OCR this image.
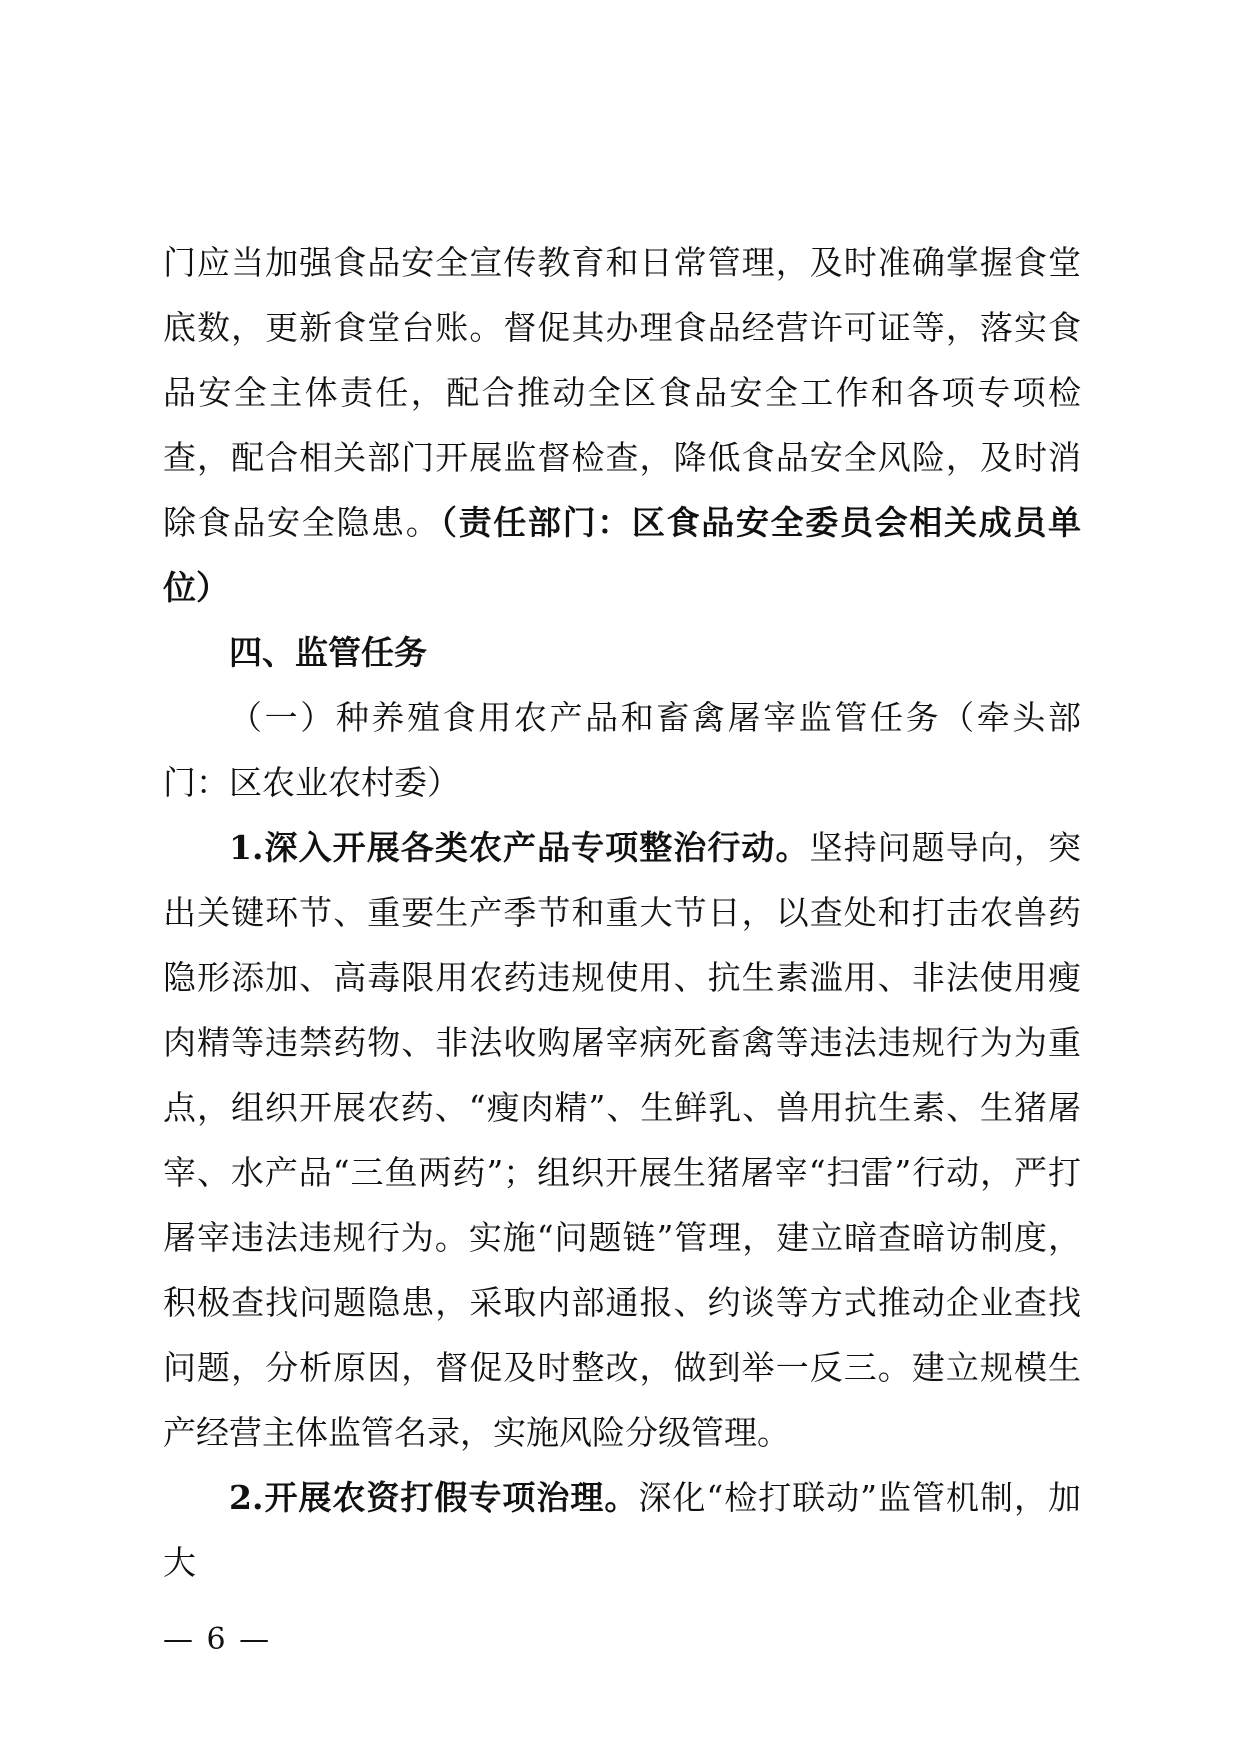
门应当加强食品安全宣传教育和日常管理，及时准确掌握食堂底数，更新食堂台账。督促其办理食品经营许可证等，落实食品安全主体责任，配合推动全区食品安全工作和各项专项检查，配合相关部门开展监督检查，降低食品安全风险，及时消除食品安全隐患。（责任部门：区食品安全委员会相关成员单位）

四、监管任务

（一）种养殖食用农产品和畜禽屠宰监管任务（牵头部门：区农业农村委）

1.深入开展各类农产品专项整治行动。坚持问题导向，突出关键环节、重要生产季节和重大节日，以查处和打击农兽药隐形添加、高毒限用农药违规使用、抗生素滥用、非法使用瘦肉精等违禁药物、非法收购屠宰病死畜禽等违法违规行为为重点，组织开展农药、“瘦肉精”、生鲜乳、兽用抗生素、生猪屠宰、水产品“三鱼两药”；组织开展生猪屠宰“扫雷”行动，严打屠宰违法违规行为。实施“问题链”管理，建立暗查暗访制度，积极查找问题隐患，采取内部通报、约谈等方式推动企业查找问题，分析原因，督促及时整改，做到举一反三。建立规模生产经营主体监管名录，实施风险分级管理。

2.开展农资打假专项治理。深化“检打联动”监管机制，加大

— 6 —
